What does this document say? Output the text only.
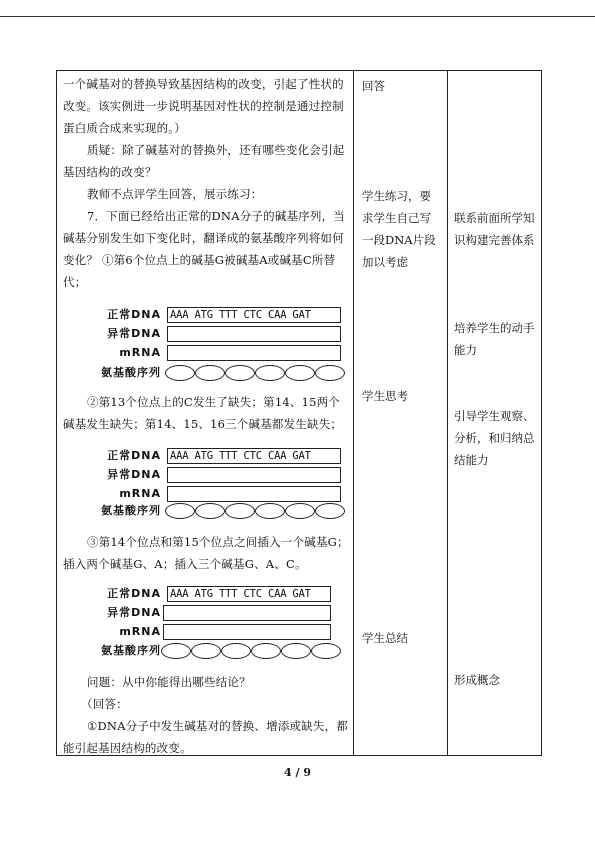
一个碱基对的替换导致基因结构的改变，引起了性状的改变。该实例进一步说明基因对性状的控制是通过控制蛋白质合成来实现的。）
质疑：除了碱基对的替换外，还有哪些变化会引起基因结构的改变？
教师不点评学生回答，展示练习：
7．下面已经给出正常的DNA分子的碱基序列，当碱基分别发生如下变化时，翻译成的氨基酸序列将如何变化？ ①第6个位点上的碱基G被碱基A或碱基C所替代；
正常DNA AAA ATG TTT CTC CAA GAT
异常DNA
mRNA
氨基酸序列
②第13个位点上的C发生了缺失；第14、15两个碱基发生缺失；第14、15、16三个碱基都发生缺失；
正常DNA AAA ATG TTT CTC CAA GAT
异常DNA
mRNA
氨基酸序列
③第14个位点和第15个位点之间插入一个碱基G；插入两个碱基G、A；插入三个碱基G、A、C。
正常DNA AAA ATG TTT CTC CAA GAT
异常DNA
mRNA
氨基酸序列
问题：从中你能得出哪些结论？
（回答：
①DNA分子中发生碱基对的替换、增添或缺失，都能引起基因结构的改变。

回答
学生练习，要求学生自己写一段DNA片段加以考虑
学生思考
学生总结

联系前面所学知识构建完善体系
培养学生的动手能力
引导学生观察、分析，和归纳总结能力
形成概念
4 / 9
